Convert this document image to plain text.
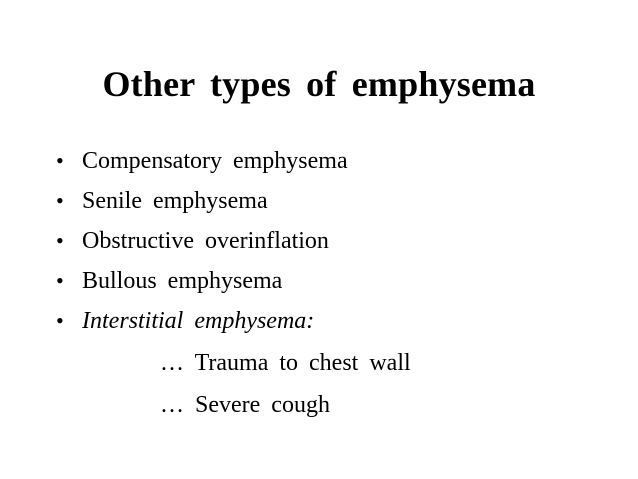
Other types of emphysema
• Compensatory emphysema
• Senile emphysema
• Obstructive overinflation
• Bullous emphysema
• Interstitial emphysema:
… Trauma to chest wall
… Severe cough
